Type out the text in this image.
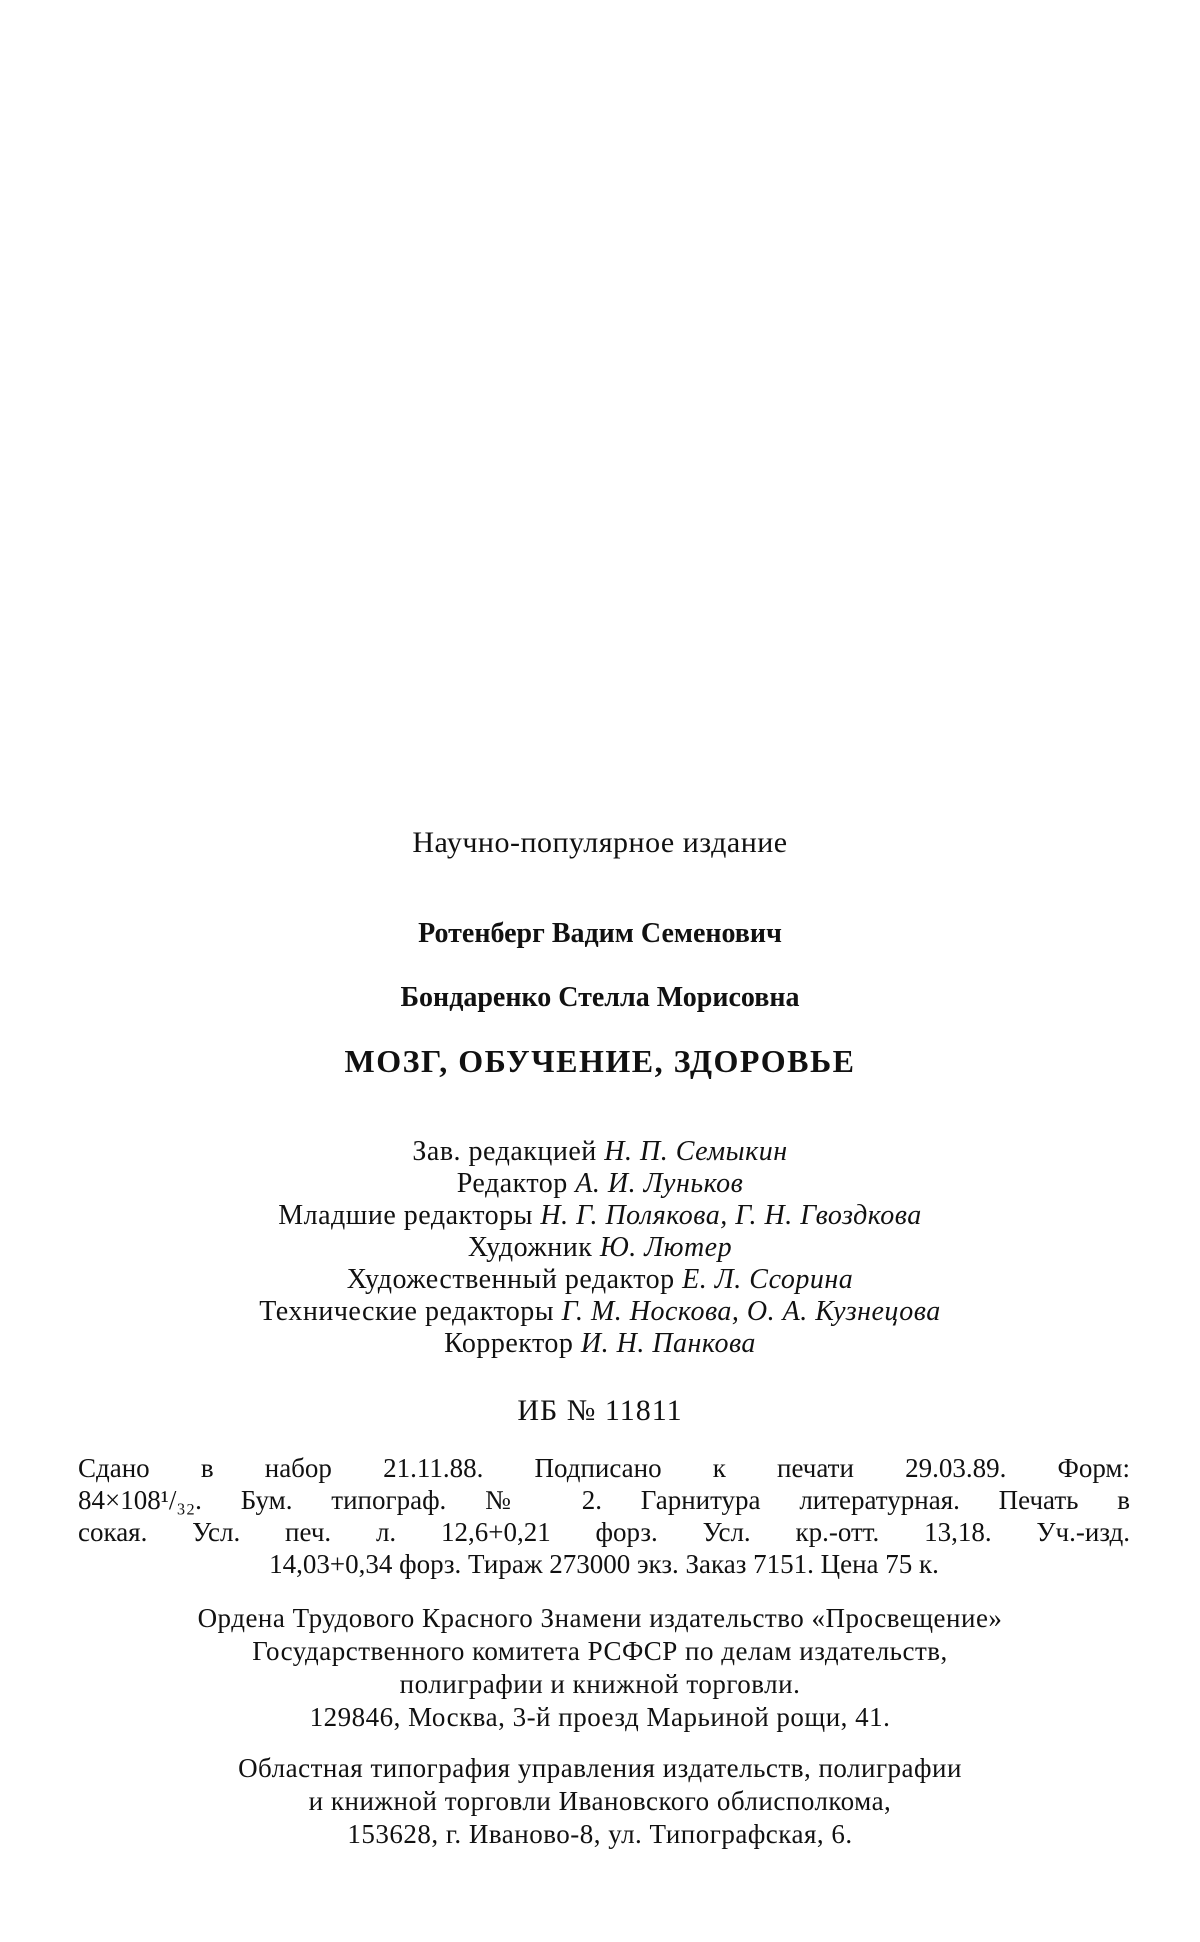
Научно-популярное издание
Ротенберг Вадим Семенович
Бондаренко Стелла Морисовна
МОЗГ, ОБУЧЕНИЕ, ЗДОРОВЬЕ
Зав. редакцией Н. П. Семыкин
Редактор А. И. Луньков
Младшие редакторы Н. Г. Полякова, Г. Н. Гвоздкова
Художник Ю. Лютер
Художественный редактор Е. Л. Ссорина
Технические редакторы Г. М. Носкова, О. А. Кузнецова
Корректор И. Н. Панкова
ИБ № 11811
Сдано в набор 21.11.88. Подписано к печати 29.03.89. Форм:
84×108¹/₃₂. Бум. типограф. № 2. Гарнитура литературная. Печать в
сокая. Усл. печ. л. 12,6+0,21 форз. Усл. кр.-отт. 13,18. Уч.-изд.
14,03+0,34 форз. Тираж 273000 экз. Заказ 7151. Цена 75 к.
Ордена Трудового Красного Знамени издательство «Просвещение»
Государственного комитета РСФСР по делам издательств,
полиграфии и книжной торговли.
129846, Москва, 3-й проезд Марьиной рощи, 41.
Областная типография управления издательств, полиграфии
и книжной торговли Ивановского облисполкома,
153628, г. Иваново-8, ул. Типографская, 6.
